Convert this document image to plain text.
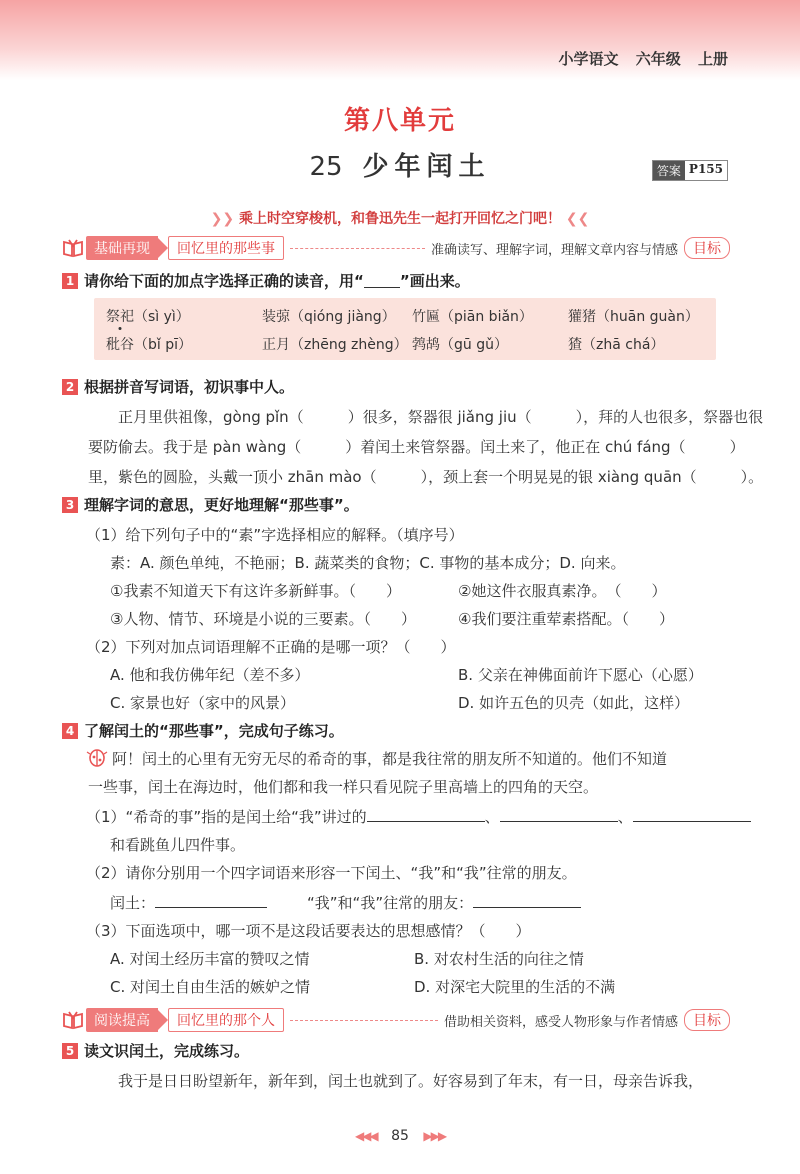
小学语文 六年级 上册
第八单元
25 少年闰土	答案 P155
❯❯ 乘上时空穿梭机，和鲁迅先生一起打开回忆之门吧！ ❮❮
基础再现	回忆里的那些事	准确读写、理解字词，理解文章内容与情感	目标
1 请你给下面的加点字选择正确的读音，用“ ”画出来。
祭祀（sì yì）	装弶（qióng jiàng） 竹匾（piān biǎn）	獾猪（huān guàn）
秕谷（bǐ pī）	正月（zhēng zhèng） 鹁鸪（gū gǔ）	猹（zhā chá）
2 根据拼音写词语，初识事中人。
正月里供祖像，gòng pǐn（	）很多，祭器很 jiǎng jiu（	），拜的人也很多，祭器也很
要防偷去。我于是 pàn wàng（	）着闰土来管祭器。闰土来了，他正在 chú fáng（	）
里，紫色的圆脸，头戴一顶小 zhān mào（	），颈上套一个明晃晃的银 xiàng quān（	）。
3 理解字词的意思，更好地理解“那些事”。
（1）给下列句子中的“素”字选择相应的解释。（填序号）
素：A. 颜色单纯，不艳丽；B. 蔬菜类的食物；C. 事物的基本成分；D. 向来。
①我素不知道天下有这许多新鲜事。（　　）	②她这件衣服真素净。　（　　）
③人物、情节、环境是小说的三要素。（　　）	④我们要注重荤素搭配。（　　）
（2）下列对加点词语理解不正确的是哪一项？（　　）
A. 他和我仿佛年纪（差不多）	B. 父亲在神佛面前许下愿心（心愿）
C. 家景也好（家中的风景）	D. 如许五色的贝壳（如此，这样）
4 了解闰土的“那些事”，完成句子练习。
阿！闰土的心里有无穷无尽的希奇的事，都是我往常的朋友所不知道的。他们不知道
一些事，闰土在海边时，他们都和我一样只看见院子里高墙上的四角的天空。
（1）“希奇的事”指的是闰土给“我”讲过的	、	、
和看跳鱼儿四件事。
（2）请你分别用一个四字词语来形容一下闰土、“我”和“我”往常的朋友。
闰土：	“我”和“我”往常的朋友：
（3）下面选项中，哪一项不是这段话要表达的思想感情？（　　）
A. 对闰土经历丰富的赞叹之情	B. 对农村生活的向往之情
C. 对闰土自由生活的嫉妒之情	D. 对深宅大院里的生活的不满
阅读提高	回忆里的那个人	借助相关资料，感受人物形象与作者情感	目标
5 读文识闰土，完成练习。
我于是日日盼望新年，新年到，闰土也就到了。好容易到了年末，有一日，母亲告诉我，
◀◀◀ 85 ▶▶▶
